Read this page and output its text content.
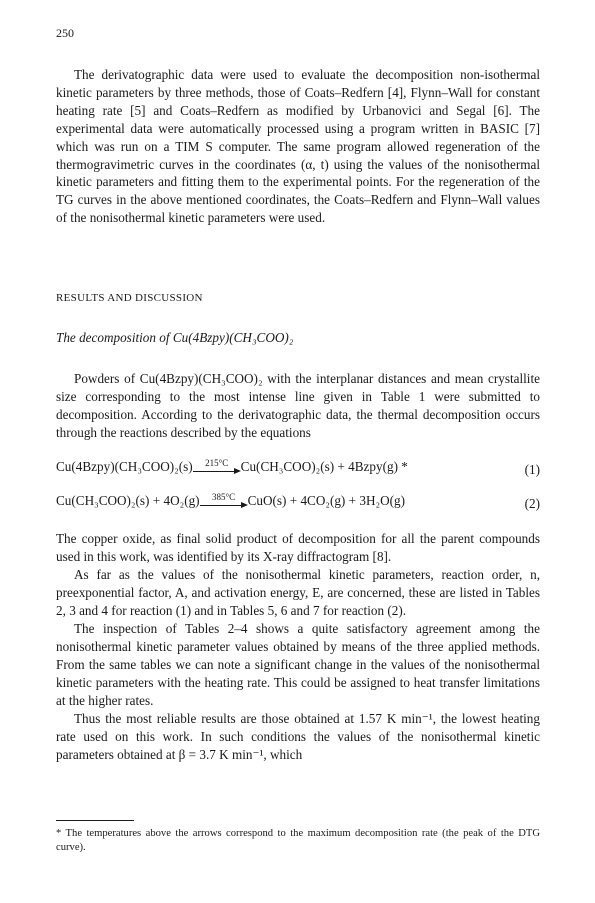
250

The derivatographic data were used to evaluate the decomposition non-isothermal kinetic parameters by three methods, those of Coats–Redfern [4], Flynn–Wall for constant heating rate [5] and Coats–Redfern as modified by Urbanovici and Segal [6]. The experimental data were automatically processed using a program written in BASIC [7] which was run on a TIM S computer. The same program allowed regeneration of the thermogravimetric curves in the coordinates (α, t) using the values of the nonisothermal kinetic parameters and fitting them to the experimental points. For the regeneration of the TG curves in the above mentioned coordinates, the Coats–Redfern and Flynn–Wall values of the nonisothermal kinetic parameters were used.

RESULTS AND DISCUSSION
The decomposition of Cu(4Bzpy)(CH₃COO)₂

Powders of Cu(4Bzpy)(CH₃COO)₂ with the interplanar distances and mean crystallite size corresponding to the most intense line given in Table 1 were submitted to decomposition. According to the derivatographic data, the thermal decomposition occurs through the reactions described by the equations

Cu(4Bzpy)(CH₃COO)₂(s)	215°C Cu(CH₃COO)₂(s) + 4Bzpy(g) *	(1)
Cu(CH₃COO)₂(s) + 4O₂(g)	385°C CuO(s) + 4CO₂(g) + 3H₂O(g)	(2)

The copper oxide, as final solid product of decomposition for all the parent compounds used in this work, was identified by its X-ray diffractogram [8].

As far as the values of the nonisothermal kinetic parameters, reaction order, n, preexponential factor, A, and activation energy, E, are concerned, these are listed in Tables 2, 3 and 4 for reaction (1) and in Tables 5, 6 and 7 for reaction (2).

The inspection of Tables 2–4 shows a quite satisfactory agreement among the nonisothermal kinetic parameter values obtained by means of the three applied methods. From the same tables we can note a significant change in the values of the nonisothermal kinetic parameters with the heating rate. This could be assigned to heat transfer limitations at the higher rates.

Thus the most reliable results are those obtained at 1.57 K min⁻¹, the lowest heating rate used on this work. In such conditions the values of the nonisothermal kinetic parameters obtained at β = 3.7 K min⁻¹, which

* The temperatures above the arrows correspond to the maximum decomposition rate (the peak of the DTG curve).
